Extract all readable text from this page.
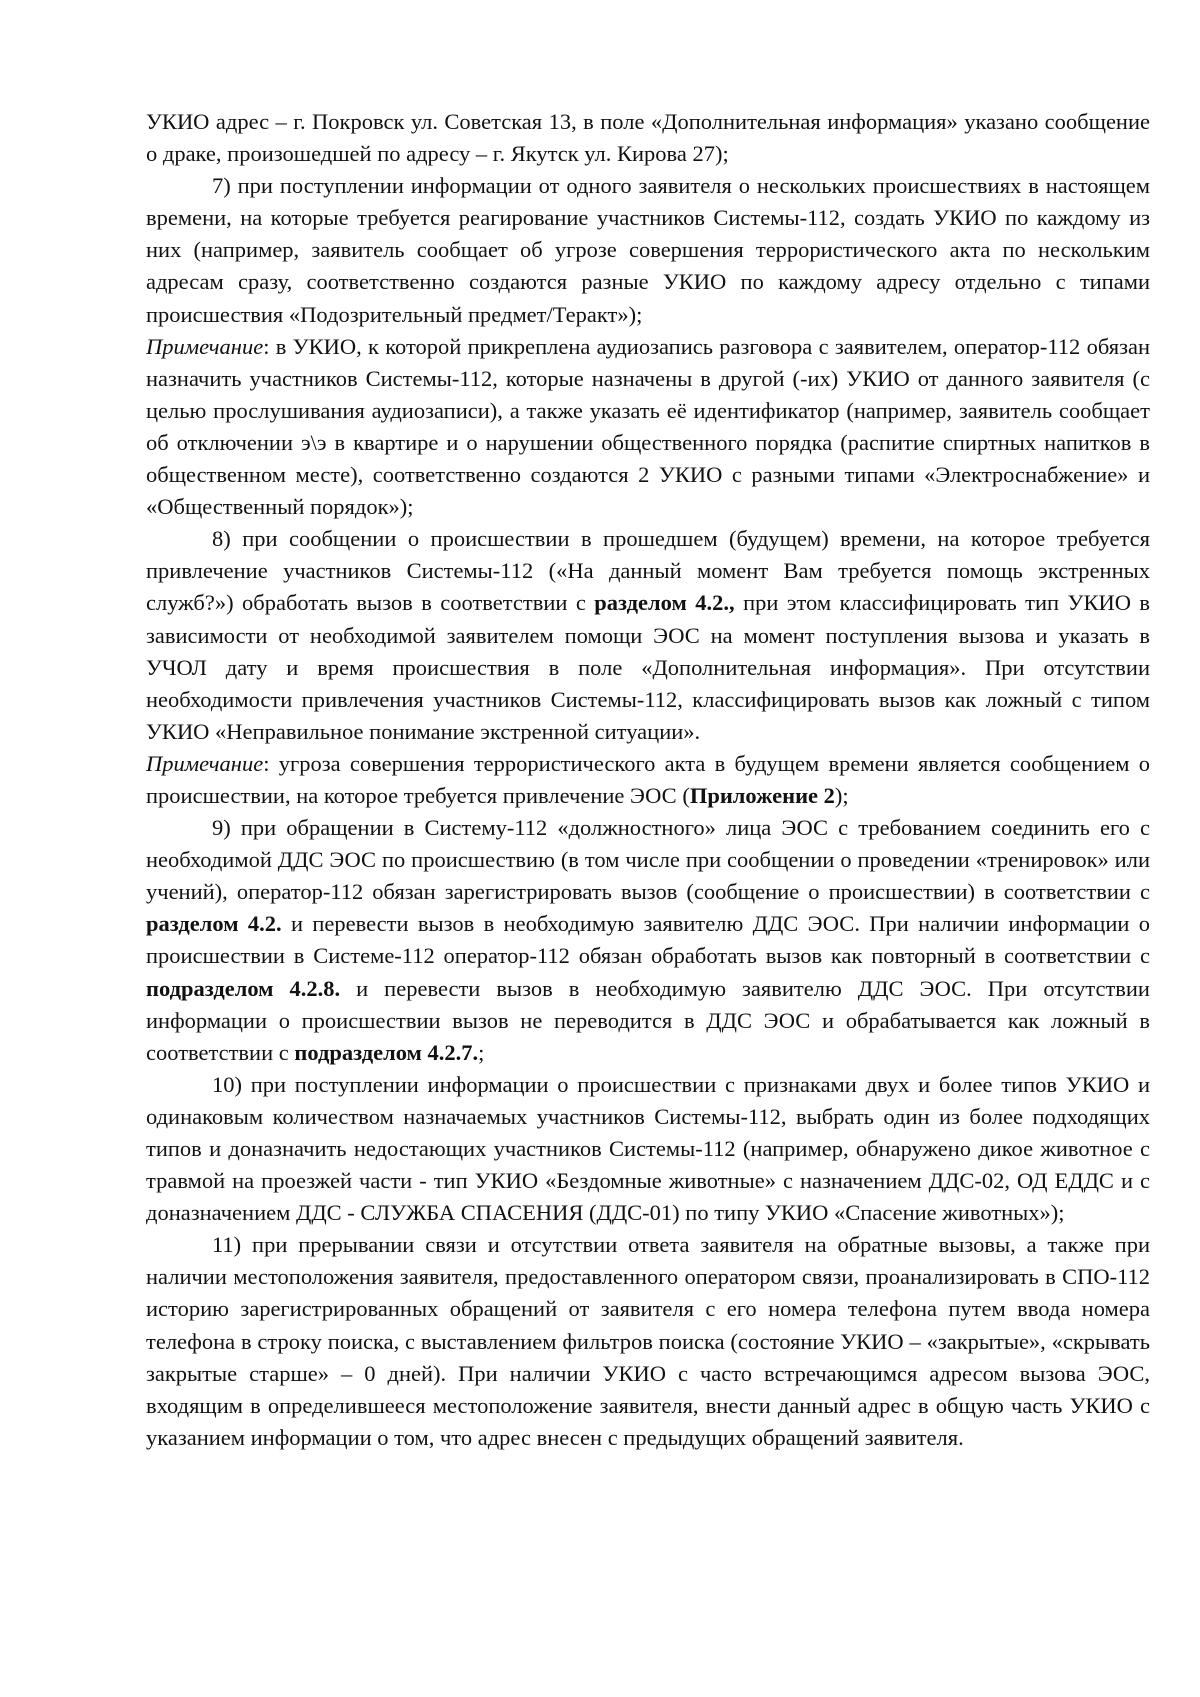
УКИО адрес – г. Покровск ул. Советская 13, в поле «Дополнительная информация» указано сообщение о драке, произошедшей по адресу – г. Якутск ул. Кирова 27);

7) при поступлении информации от одного заявителя о нескольких происшествиях в настоящем времени, на которые требуется реагирование участников Системы-112, создать УКИО по каждому из них (например, заявитель сообщает об угрозе совершения террористического акта по нескольким адресам сразу, соответственно создаются разные УКИО по каждому адресу отдельно с типами происшествия «Подозрительный предмет/Теракт»);

Примечание: в УКИО, к которой прикреплена аудиозапись разговора с заявителем, оператор-112 обязан назначить участников Системы-112, которые назначены в другой (-их) УКИО от данного заявителя (с целью прослушивания аудиозаписи), а также указать её идентификатор (например, заявитель сообщает об отключении э\э в квартире и о нарушении общественного порядка (распитие спиртных напитков в общественном месте), соответственно создаются 2 УКИО с разными типами «Электроснабжение» и «Общественный порядок»);

8) при сообщении о происшествии в прошедшем (будущем) времени, на которое требуется привлечение участников Системы-112 («На данный момент Вам требуется помощь экстренных служб?») обработать вызов в соответствии с разделом 4.2., при этом классифицировать тип УКИО в зависимости от необходимой заявителем помощи ЭОС на момент поступления вызова и указать в УЧОЛ дату и время происшествия в поле «Дополнительная информация». При отсутствии необходимости привлечения участников Системы-112, классифицировать вызов как ложный с типом УКИО «Неправильное понимание экстренной ситуации».

Примечание: угроза совершения террористического акта в будущем времени является сообщением о происшествии, на которое требуется привлечение ЭОС (Приложение 2);

9) при обращении в Систему-112 «должностного» лица ЭОС с требованием соединить его с необходимой ДДС ЭОС по происшествию (в том числе при сообщении о проведении «тренировок» или учений), оператор-112 обязан зарегистрировать вызов (сообщение о происшествии) в соответствии с разделом 4.2. и перевести вызов в необходимую заявителю ДДС ЭОС. При наличии информации о происшествии в Системе-112 оператор-112 обязан обработать вызов как повторный в соответствии с подразделом 4.2.8. и перевести вызов в необходимую заявителю ДДС ЭОС. При отсутствии информации о происшествии вызов не переводится в ДДС ЭОС и обрабатывается как ложный в соответствии с подразделом 4.2.7.;

10) при поступлении информации о происшествии с признаками двух и более типов УКИО и одинаковым количеством назначаемых участников Системы-112, выбрать один из более подходящих типов и доназначить недостающих участников Системы-112 (например, обнаружено дикое животное с травмой на проезжей части - тип УКИО «Бездомные животные» с назначением ДДС-02, ОД ЕДДС и с доназначением ДДС - СЛУЖБА СПАСЕНИЯ (ДДС-01) по типу УКИО «Спасение животных»);

11) при прерывании связи и отсутствии ответа заявителя на обратные вызовы, а также при наличии местоположения заявителя, предоставленного оператором связи, проанализировать в СПО-112 историю зарегистрированных обращений от заявителя с его номера телефона путем ввода номера телефона в строку поиска, с выставлением фильтров поиска (состояние УКИО – «закрытые», «скрывать закрытые старше» – 0 дней). При наличии УКИО с часто встречающимся адресом вызова ЭОС, входящим в определившееся местоположение заявителя, внести данный адрес в общую часть УКИО с указанием информации о том, что адрес внесен с предыдущих обращений заявителя.
